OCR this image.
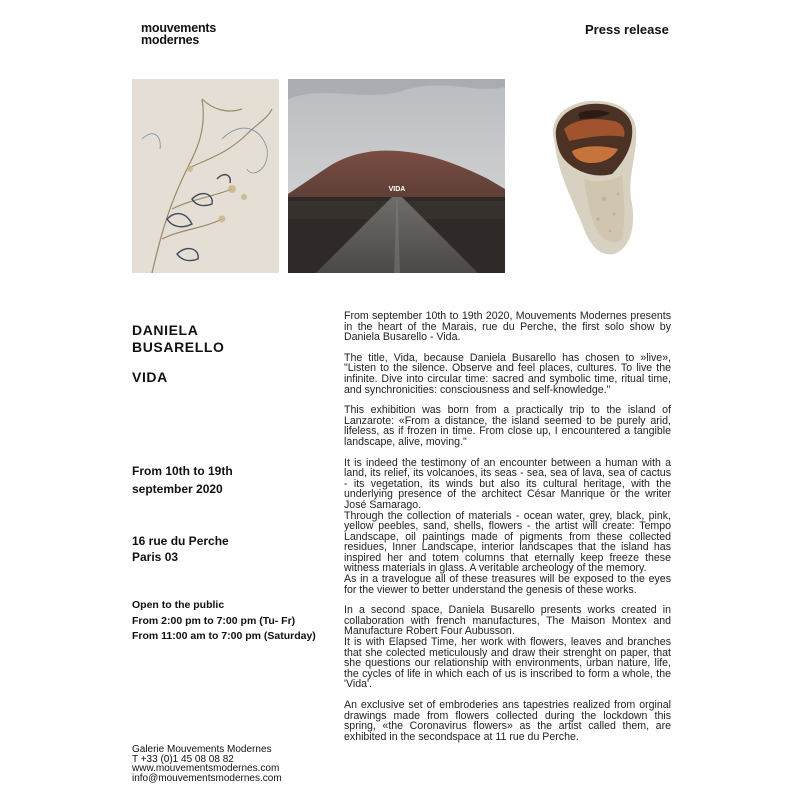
mouvements
modernes
Press release
VIDA
DANIELA
BUSARELLO
VIDA
From 10th to 19th
september 2020
16 rue du Perche
Paris 03
Open to the public
From 2:00 pm to 7:00 pm (Tu- Fr)
From 11:00 am to 7:00 pm (Saturday)
Galerie Mouvements Modernes
T +33 (0)1 45 08 08 82
www.mouvementsmodernes.com
info@mouvementsmodernes.com

From september 10th to 19th 2020, Mouvements Modernes presents in the heart of the Marais, rue du Perche, the first solo show by Daniela Busarello - Vida.

The title, Vida, because Daniela Busarello has chosen to »live», "Listen to the silence. Observe and feel places, cultures. To live the infinite. Dive into circular time: sacred and symbolic time, ritual time, and synchronicities: consciousness and self-knowledge."

This exhibition was born from a practically trip to the island of Lanzarote: «From a distance, the island seemed to be purely arid, lifeless, as if frozen in time. From close up, I encountered a tangible landscape, alive, moving."

It is indeed the testimony of an encounter between a human with a land, its relief, its volcanoes, its seas - sea, sea of lava, sea of cactus - its vegetation, its winds but also its cultural heritage, with the underlying presence of the architect César Manrique or the writer José Samarago.

Through the collection of materials - ocean water, grey, black, pink, yellow peebles, sand, shells, flowers - the artist will create: Tempo Landscape, oil paintings made of pigments from these collected residues, Inner Landscape, interior landscapes that the island has inspired her and totem columns that eternally keep freeze these witness materials in glass. A veritable archeology of the memory.

As in a travelogue all of these treasures will be exposed to the eyes for the viewer to better understand the genesis of these works.

In a second space, Daniela Busarello presents works created in collaboration with french manufactures, The Maison Montex and Manufacture Robert Four Aubusson.

It is with Elapsed Time, her work with flowers, leaves and branches that she colected meticulously and draw their strenght on paper, that she questions our relationship with environments, urban nature, life, the cycles of life in which each of us is inscribed to form a whole, the 'Vida'.

An exclusive set of embroderies ans tapestries realized from orginal drawings made from flowers collected during the lockdown this spring, «the Coronavirus flowers» as the artist called them, are exhibited in the secondspace at 11 rue du Perche.
